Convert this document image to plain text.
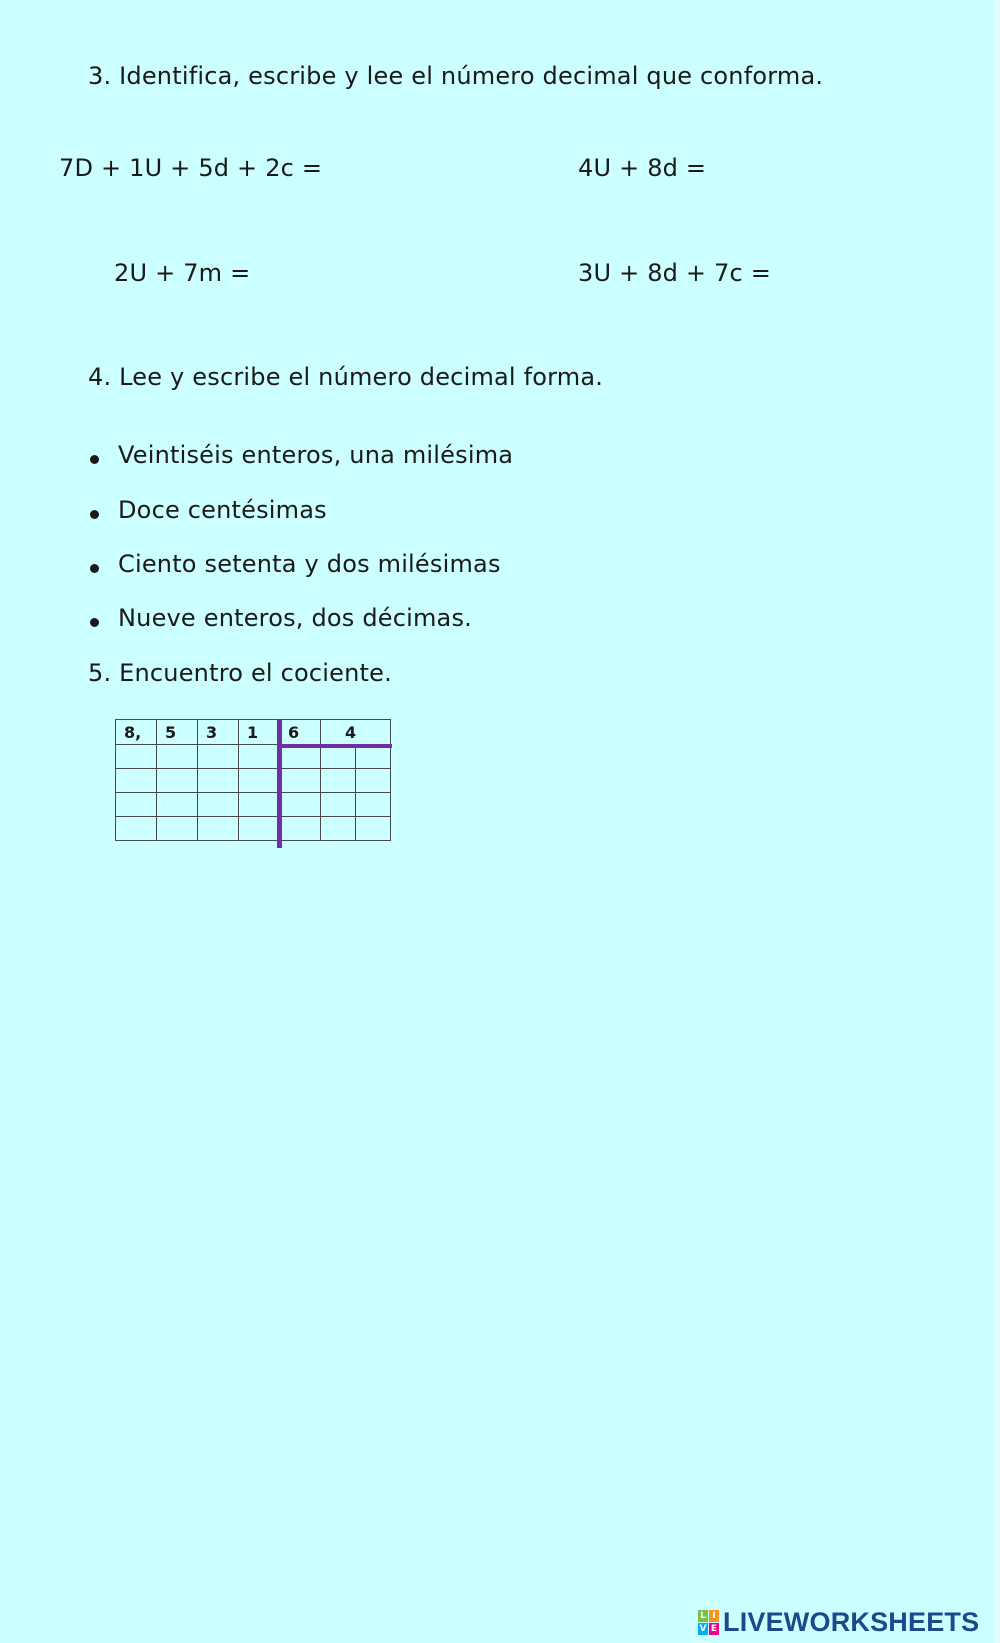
3. Identifica, escribe y lee el número decimal que conforma.
7D + 1U + 5d + 2c =	4U + 8d =
2U + 7m =	3U + 8d + 7c =
4. Lee y escribe el número decimal forma.
Veintiséis enteros, una milésima
Doce centésimas
Ciento setenta y dos milésimas
Nueve enteros, dos décimas.
5. Encuentro el cociente.
8,	5	3	1	6	4	

L I
V E LIVEWORKSHEETS
